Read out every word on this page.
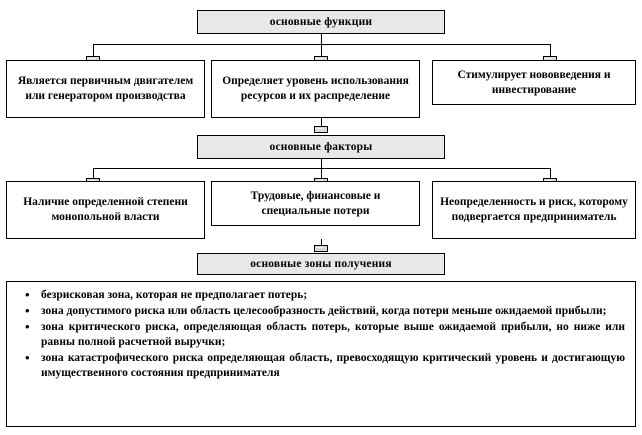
основные функции
Является первичным двигателем или генератором производства
Определяет уровень использования ресурсов и их распределение
Стимулирует нововведения и инвестирование
основные факторы
Наличие определенной степени монопольной власти
Трудовые, финансовые и специальные потери
Неопределенность и риск, которому подвергается предприниматель
основные зоны получения
• безрисковая зона, которая не предполагает потерь;
• зона допустимого риска или область целесообразность действий, когда потери меньше ожидаемой прибыли;
• зона критического риска, определяющая область потерь, которые выше ожидаемой прибыли, но ниже или равны полной расчетной выручки;
• зона катастрофического риска определяющая область, превосходящую критический уровень и достигающую имущественного состояния предпринимателя
